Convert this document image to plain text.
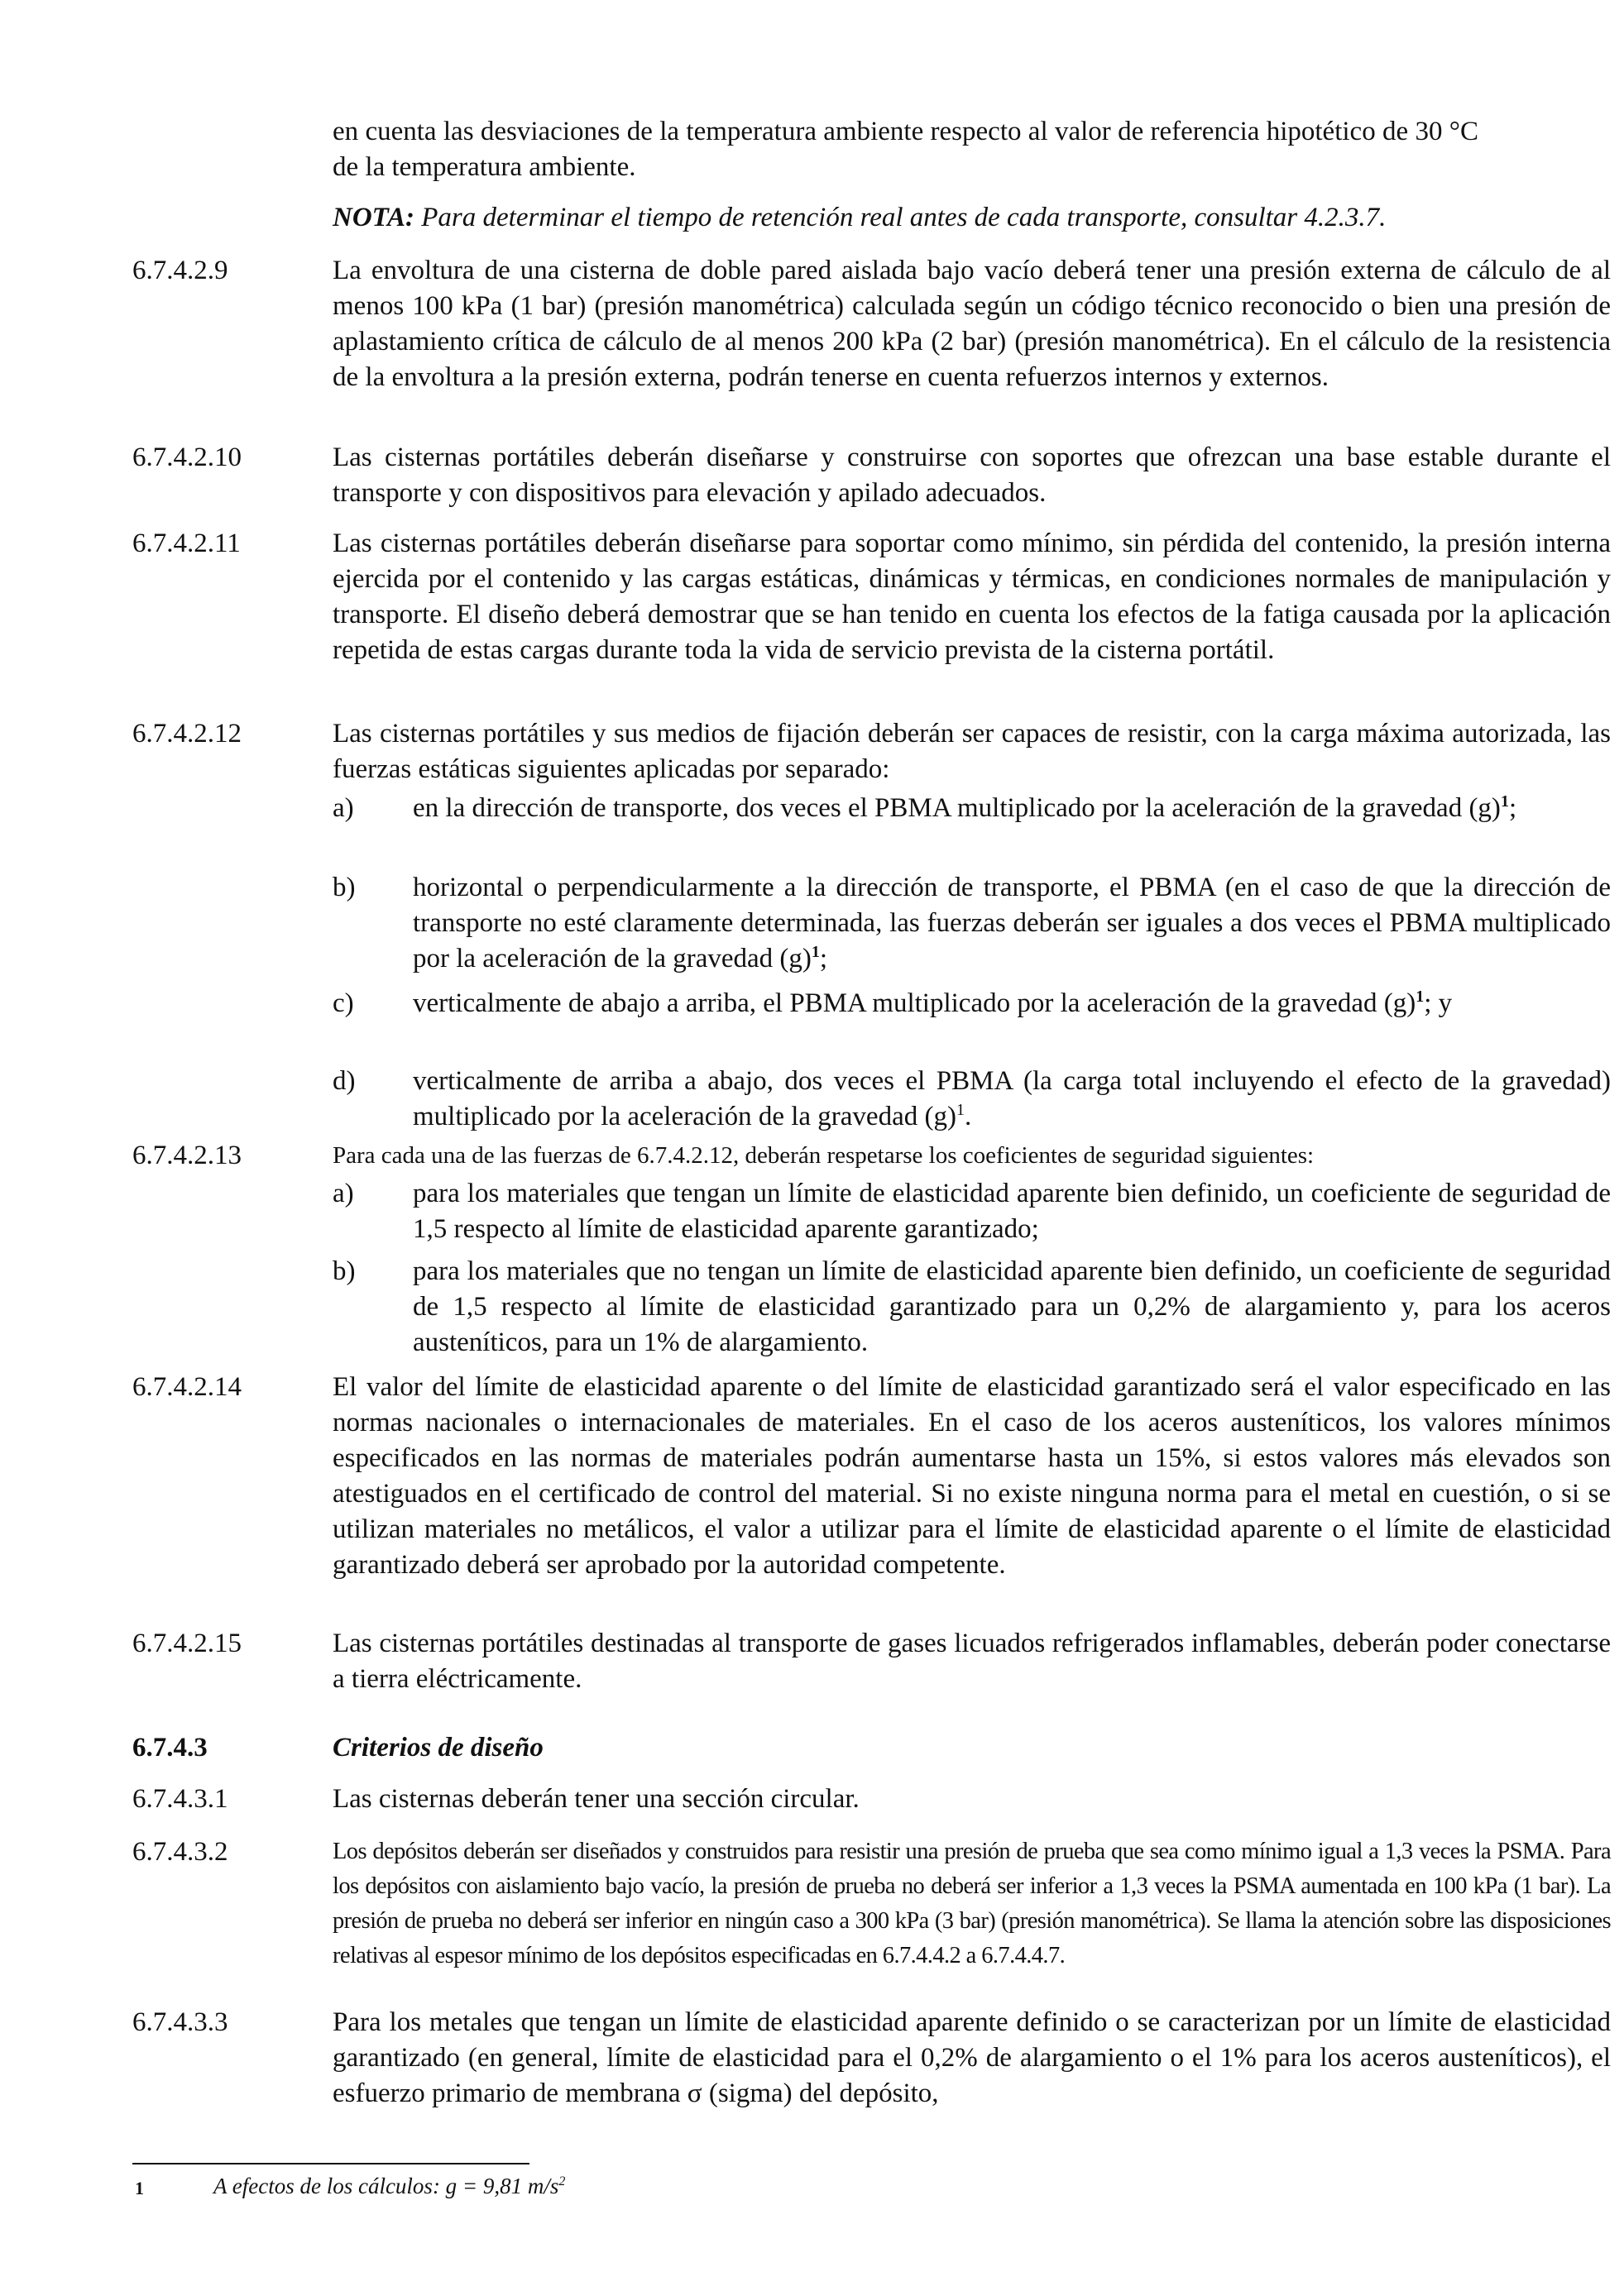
en cuenta las desviaciones de la temperatura ambiente respecto al valor de referencia hipotético de 30 °C de la temperatura ambiente.
NOTA: Para determinar el tiempo de retención real antes de cada transporte, consultar 4.2.3.7.
6.7.4.2.9	La envoltura de una cisterna de doble pared aislada bajo vacío deberá tener una presión externa de cálculo de al menos 100 kPa (1 bar) (presión manométrica) calculada según un código técnico reconocido o bien una presión de aplastamiento crítica de cálculo de al menos 200 kPa (2 bar) (presión manométrica). En el cálculo de la resistencia de la envoltura a la presión externa, podrán tenerse en cuenta refuerzos internos y externos.
6.7.4.2.10	Las cisternas portátiles deberán diseñarse y construirse con soportes que ofrezcan una base estable durante el transporte y con dispositivos para elevación y apilado adecuados.
6.7.4.2.11	Las cisternas portátiles deberán diseñarse para soportar como mínimo, sin pérdida del contenido, la presión interna ejercida por el contenido y las cargas estáticas, dinámicas y térmicas, en condiciones normales de manipulación y transporte. El diseño deberá demostrar que se han tenido en cuenta los efectos de la fatiga causada por la aplicación repetida de estas cargas durante toda la vida de servicio prevista de la cisterna portátil.
6.7.4.2.12	Las cisternas portátiles y sus medios de fijación deberán ser capaces de resistir, con la carga máxima autorizada, las fuerzas estáticas siguientes aplicadas por separado:
a)	en la dirección de transporte, dos veces el PBMA multiplicado por la aceleración de la gravedad $(g)^1$;
b)	horizontal o perpendicularmente a la dirección de transporte, el PBMA (en el caso de que la dirección de transporte no esté claramente determinada, las fuerzas deberán ser iguales a dos veces el PBMA multiplicado por la aceleración de la gravedad $(g)^1$;
c)	verticalmente de abajo a arriba, el PBMA multiplicado por la aceleración de la gravedad $(g)^1$; y
d)	verticalmente de arriba a abajo, dos veces el PBMA (la carga total incluyendo el efecto de la gravedad) multiplicado por la aceleración de la gravedad $(g)^1$.
6.7.4.2.13	Para cada una de las fuerzas de 6.7.4.2.12, deberán respetarse los coeficientes de seguridad siguientes:
a)	para los materiales que tengan un límite de elasticidad aparente bien definido, un coeficiente de seguridad de 1,5 respecto al límite de elasticidad aparente garantizado;
b)	para los materiales que no tengan un límite de elasticidad aparente bien definido, un coeficiente de seguridad de 1,5 respecto al límite de elasticidad garantizado para un 0,2% de alargamiento y, para los aceros austeníticos, para un 1% de alargamiento.
6.7.4.2.14	El valor del límite de elasticidad aparente o del límite de elasticidad garantizado será el valor especificado en las normas nacionales o internacionales de materiales. En el caso de los aceros austeníticos, los valores mínimos especificados en las normas de materiales podrán aumentarse hasta un 15%, si estos valores más elevados son atestiguados en el certificado de control del material. Si no existe ninguna norma para el metal en cuestión, o si se utilizan materiales no metálicos, el valor a utilizar para el límite de elasticidad aparente o el límite de elasticidad garantizado deberá ser aprobado por la autoridad competente.
6.7.4.2.15	Las cisternas portátiles destinadas al transporte de gases licuados refrigerados inflamables, deberán poder conectarse a tierra eléctricamente.
6.7.4.3	Criterios de diseño
6.7.4.3.1	Las cisternas deberán tener una sección circular.
6.7.4.3.2	Los depósitos deberán ser diseñados y construidos para resistir una presión de prueba que sea como mínimo igual a 1,3 veces la PSMA. Para los depósitos con aislamiento bajo vacío, la presión de prueba no deberá ser inferior a 1,3 veces la PSMA aumentada en 100 kPa (1 bar). La presión de prueba no deberá ser inferior en ningún caso a 300 kPa (3 bar) (presión manométrica). Se llama la atención sobre las disposiciones relativas al espesor mínimo de los depósitos especificadas en 6.7.4.4.2 a 6.7.4.4.7.
6.7.4.3.3	Para los metales que tengan un límite de elasticidad aparente definido o se caracterizan por un límite de elasticidad garantizado (en general, límite de elasticidad para el 0,2% de alargamiento o el 1% para los aceros austeníticos), el esfuerzo primario de membrana σ (sigma) del depósito,
1	A efectos de los cálculos: g = 9,81 $m/s^2$
